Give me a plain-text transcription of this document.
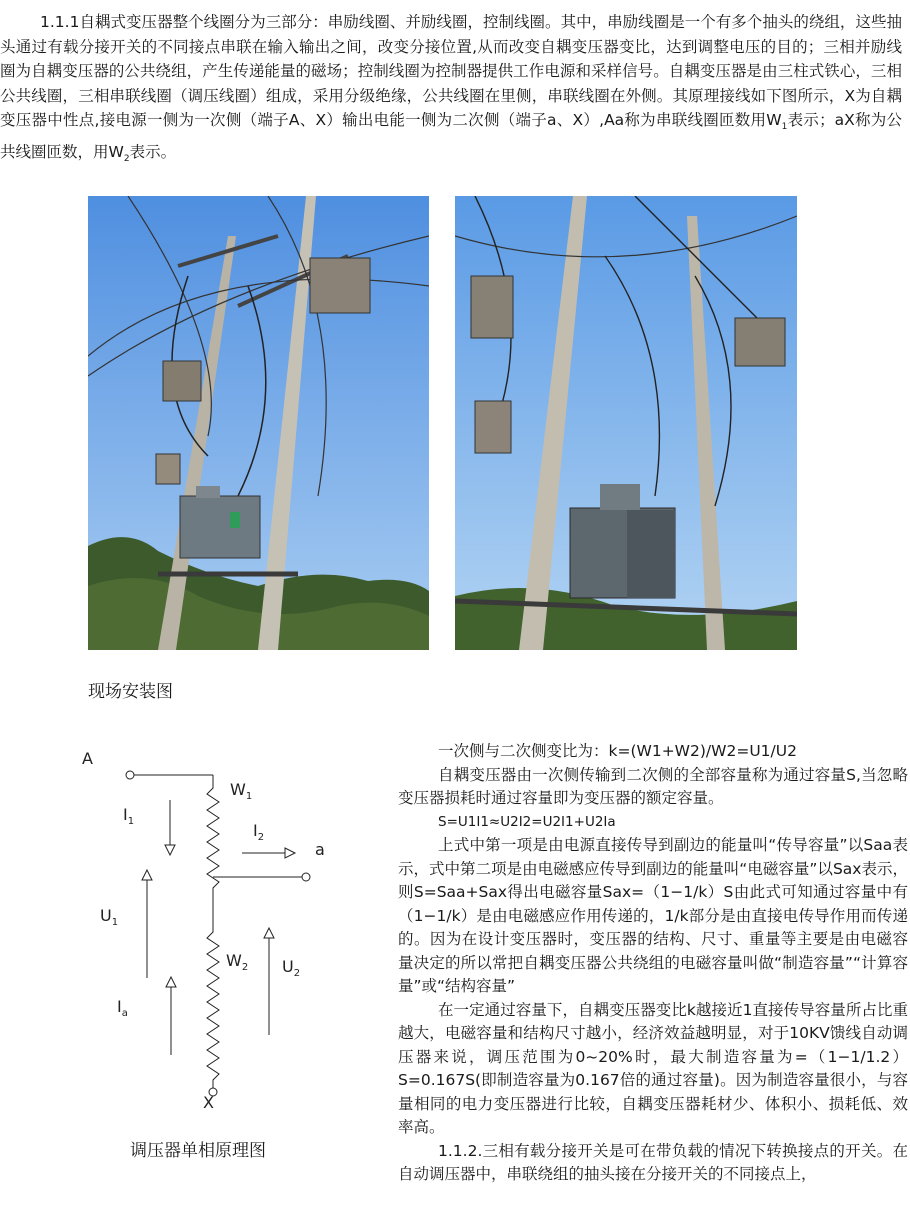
1.1.1自耦式变压器整个线圈分为三部分：串励线圈、并励线圈，控制线圈。其中，串励线圈是一个有多个抽头的绕组，这些抽头通过有载分接开关的不同接点串联在输入输出之间，改变分接位置,从而改变自耦变压器变比，达到调整电压的目的；三相并励线圈为自耦变压器的公共绕组，产生传递能量的磁场；控制线圈为控制器提供工作电源和采样信号。自耦变压器是由三柱式铁心，三相公共线圈，三相串联线圈（调压线圈）组成，采用分级绝缘，公共线圈在里侧，串联线圈在外侧。其原理接线如下图所示，X为自耦变压器中性点,接电源一侧为一次侧（端子A、X）输出电能一侧为二次侧（端子a、X）,Aa称为串联线圈匝数用$W_1$表示；aX称为公共线圈匝数，用$W_2$表示。
现场安装图
A
$W_1$
a
$I_2$
X
$W_2$
$I_1$
$U_1$
$I_a$
$U_2$
调压器单相原理图

一次侧与二次侧变比为：k=(W1+W2)/W2=U1/U2

自耦变压器由一次侧传输到二次侧的全部容量称为通过容量S,当忽略变压器损耗时通过容量即为变压器的额定容量。

S=U1I1≈U2I2=U2I1+U2Ia

上式中第一项是由电源直接传导到副边的能量叫“传导容量”以Saa表示，式中第二项是由电磁感应传导到副边的能量叫“电磁容量”以Sax表示，则S=Saa+Sax得出电磁容量Sax=（1−1/k）S由此式可知通过容量中有（1−1/k）是由电磁感应作用传递的，1/k部分是由直接电传导作用而传递的。因为在设计变压器时，变压器的结构、尺寸、重量等主要是由电磁容量决定的所以常把自耦变压器公共绕组的电磁容量叫做“制造容量”“计算容量”或“结构容量”

在一定通过容量下，自耦变压器变比k越接近1直接传导容量所占比重越大，电磁容量和结构尺寸越小，经济效益越明显，对于10KV馈线自动调压器来说，调压范围为0~20%时，最大制造容量为=（1−1/1.2）S=0.167S(即制造容量为0.167倍的通过容量)。因为制造容量很小，与容量相同的电力变压器进行比较，自耦变压器耗材少、体积小、损耗低、效率高。

1.1.2.三相有载分接开关是可在带负载的情况下转换接点的开关。在自动调压器中，串联绕组的抽头接在分接开关的不同接点上，
